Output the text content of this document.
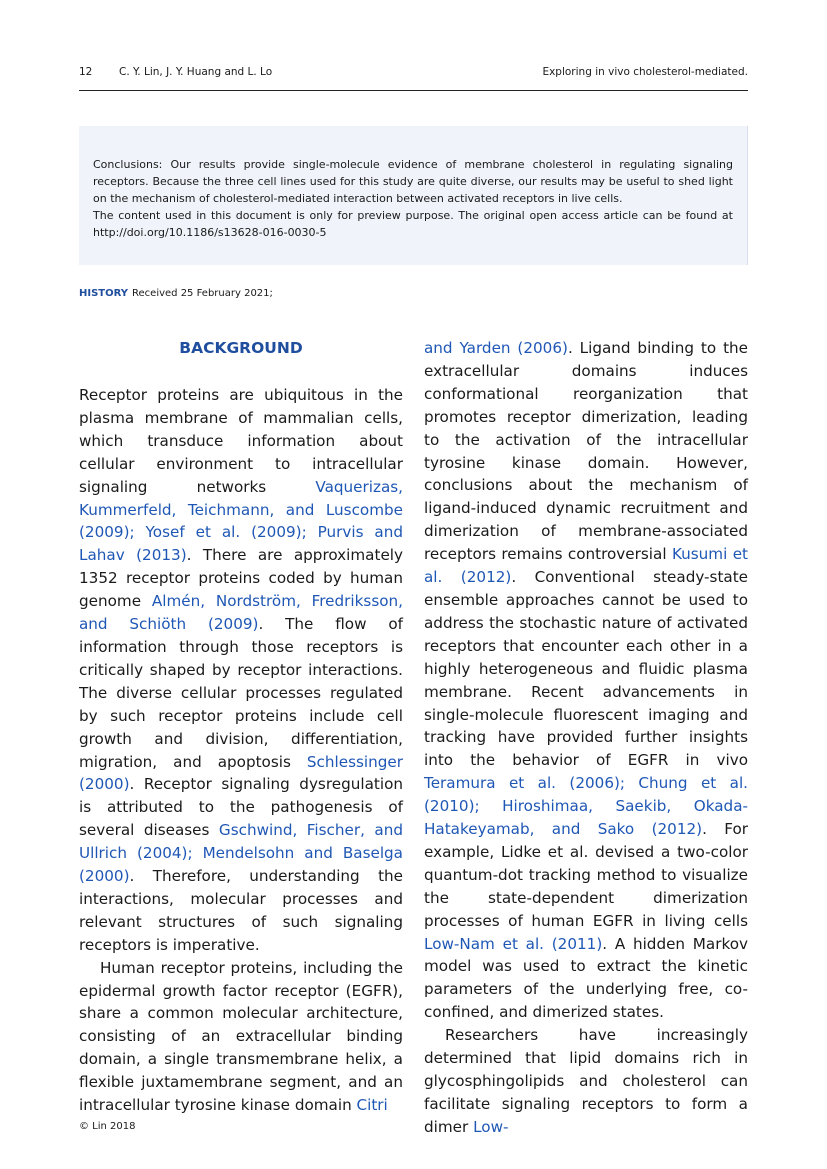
12	C. Y. Lin, J. Y. Huang and L. Lo	Exploring in vivo cholesterol-mediated.

Conclusions: Our results provide single-molecule evidence of membrane cholesterol in regulating signaling receptors. Because the three cell lines used for this study are quite diverse, our results may be useful to shed light on the mechanism of cholesterol-mediated interaction between activated receptors in live cells.

The content used in this document is only for preview purpose. The original open access article can be found at http://doi.org/10.1186/s13628-016-0030-5

HISTORY Received 25 February 2021;
BACKGROUND

Receptor proteins are ubiquitous in the plasma membrane of mammalian cells, which transduce information about cellular environment to intracellular signaling networks Vaquerizas, Kummerfeld, Teichmann, and Luscombe (2009); Yosef et al. (2009); Purvis and Lahav (2013). There are approximately 1352 receptor proteins coded by human genome Almén, Nordström, Fredriksson, and Schiöth (2009). The flow of information through those receptors is critically shaped by receptor interactions. The diverse cellular processes regulated by such receptor proteins include cell growth and division, differentiation, migration, and apoptosis Schlessinger (2000). Receptor signaling dysregulation is attributed to the pathogenesis of several diseases Gschwind, Fischer, and Ullrich (2004); Mendelsohn and Baselga (2000). Therefore, understanding the interactions, molecular processes and relevant structures of such signaling receptors is imperative.

Human receptor proteins, including the epidermal growth factor receptor (EGFR), share a common molecular architecture, consisting of an extracellular binding domain, a single transmembrane helix, a flexible juxtamembrane segment, and an intracellular tyrosine kinase domain Citri

and Yarden (2006). Ligand binding to the extracellular domains induces conformational reorganization that promotes receptor dimerization, leading to the activation of the intracellular tyrosine kinase domain. However, conclusions about the mechanism of ligand-induced dynamic recruitment and dimerization of membrane-associated receptors remains controversial Kusumi et al. (2012). Conventional steady-state ensemble approaches cannot be used to address the stochastic nature of activated receptors that encounter each other in a highly heterogeneous and fluidic plasma membrane. Recent advancements in single-molecule fluorescent imaging and tracking have provided further insights into the behavior of EGFR in vivo Teramura et al. (2006); Chung et al. (2010); Hiroshimaa, Saekib, Okada-Hatakeyamab, and Sako (2012). For example, Lidke et al. devised a two-color quantum-dot tracking method to visualize the state-dependent dimerization processes of human EGFR in living cells Low-Nam et al. (2011). A hidden Markov model was used to extract the kinetic parameters of the underlying free, co-confined, and dimerized states.

Researchers have increasingly determined that lipid domains rich in glycosphingolipids and cholesterol can facilitate signaling receptors to form a dimer Low-

© Lin 2018
